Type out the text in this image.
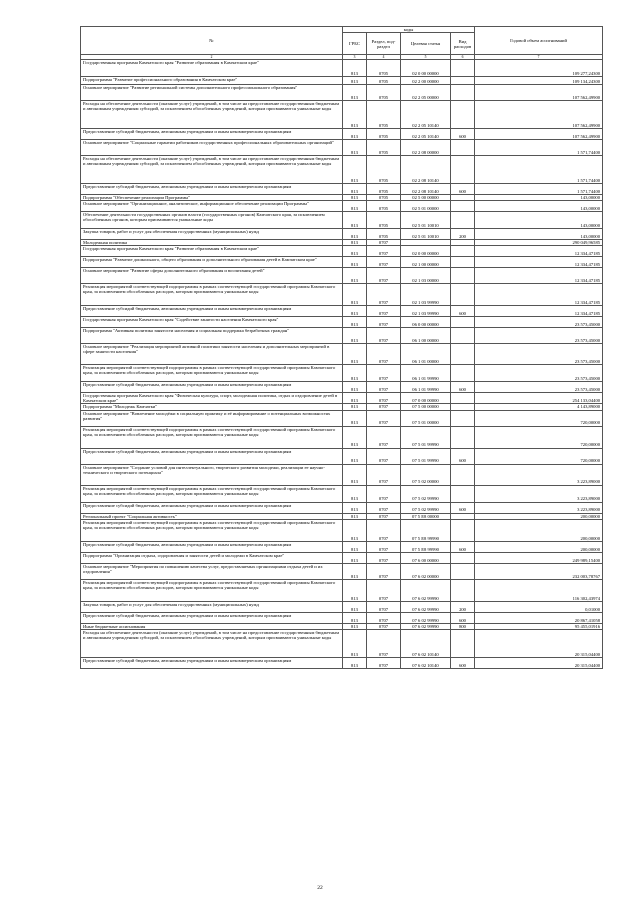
№	коды				Годовой объем ассигнований
	ГРБС	Раздел, под-раздел	Целевая статья	Вид расходов	
2	3	4	5	6	7
Государственная программа Камчатского края "Развитие образования в Камчатском крае"	813	0705	02 0 00 00000		109 277,24300
Подпрограмма "Развитие профессионального образования в Камчатском крае"	813	0705	02 2 00 00000		109 134,24300
Основное мероприятие "Развитие региональной системы дополнительного профессионального образования"	813	0705	02 2 05 00000		107 562,49900
Расходы на обеспечение деятельности (оказание услуг) учреждений, в том числе на предоставление государственным бюджетным и автономным учреждениям субсидий, за исключением обособленных учреждений, которым присваиваются уникальные коды	813	0705	02 2 05 10140		107 562,49900
Предоставление субсидий бюджетным, автономным учреждениям и иным некоммерческим организациям	813	0705	02 2 05 10140	600	107 562,49900
Основное мероприятие "Социальные гарантии работников государственных профессиональных образовательных организаций"	813	0705	02 2 08 00000		1 571,74400
Расходы на обеспечение деятельности (оказание услуг) учреждений, в том числе на предоставление государственным бюджетным и автономным учреждениям субсидий, за исключением обособленных учреждений, которым присваиваются уникальные коды	813	0705	02 2 08 10140		1 571,74400
Предоставление субсидий бюджетным, автономным учреждениям и иным некоммерческим организациям	813	0705	02 2 08 10140	600	1 571,74400
Подпрограмма "Обеспечение реализации Программы"	813	0705	02 5 00 00000		143,00000
Основное мероприятие "Организационное, аналитическое, информационное обеспечение реализации Программы"	813	0705	02 5 01 00000		143,00000
Обеспечение деятельности государственных органов власти (государственных органов) Камчатского края, за исключением обособленных органов, которым присваиваются уникальные коды	813	0705	02 5 01 10010		143,00000
Закупка товаров, работ и услуг для обеспечения государственных (муниципальных) нужд	813	0705	02 5 01 10010	200	143,00000
Молодежная политика	813	0707			290 049,96585
Государственная программа Камчатского края "Развитие образования в Камчатском крае"	813	0707	02 0 00 00000		12 334,47185
Подпрограмма "Развитие дошкольного, общего образования и дополнительного образования детей в Камчатском крае"	813	0707	02 1 00 00000		12 334,47185
Основное мероприятие "Развитие сферы дополнительного образования и воспитания детей"	813	0707	02 1 03 00000		12 334,47185
Реализация мероприятий соответствующей подпрограммы в рамках соответствующей государственной программы Камчатского края, за исключением обособленных расходов, которым присваиваются уникальные коды	813	0707	02 1 03 99990		12 334,47185
Предоставление субсидий бюджетным, автономным учреждениям и иным некоммерческим организациям	813	0707	02 1 03 99990	600	12 334,47185
Государственная программа Камчатского края "Содействие занятости населения Камчатского края"	813	0707	06 0 00 00000		23 573,45000
Подпрограмма "Активная политика занятости населения и социальная поддержка безработных граждан"	813	0707	06 1 00 00000		23 573,45000
Основное мероприятие "Реализация мероприятий активной политики занятости населения и дополнительных мероприятий в сфере занятости населения"	813	0707	06 1 01 00000		23 573,45000
Реализация мероприятий соответствующей подпрограммы в рамках соответствующей государственной программы Камчатского края, за исключением обособленных расходов, которым присваиваются уникальные коды	813	0707	06 1 01 99990		23 573,45000
Предоставление субсидий бюджетным, автономным учреждениям и иным некоммерческим организациям	813	0707	06 1 01 99990	600	23 573,45000
Государственная программа Камчатского края "Физическая культура, спорт, молодежная политика, отдых и оздоровление детей в Камчатском крае"	813	0707	07 0 00 00000		254 133,04400
Подпрограмма "Молодежь Камчатки"	813	0707	07 5 00 00000		4 143,89000
Основное мероприятие "Вовлечение молодёжи в социальную практику и её информирование о потенциальных возможностях развития"	813	0707	07 5 01 00000		720,00000
Реализация мероприятий соответствующей подпрограммы в рамках соответствующей государственной программы Камчатского края, за исключением обособленных расходов, которым присваиваются уникальные коды	813	0707	07 5 01 99990		720,00000
Предоставление субсидий бюджетным, автономным учреждениям и иным некоммерческим организациям	813	0707	07 5 01 99990	600	720,00000
Основное мероприятие "Создание условий для интеллектуального, творческого развития молодежи, реализации ее научно-технического и творческого потенциала"	813	0707	07 5 02 00000		3 223,89000
Реализация мероприятий соответствующей подпрограммы в рамках соответствующей государственной программы Камчатского края, за исключением обособленных расходов, которым присваиваются уникальные коды	813	0707	07 5 02 99990		3 223,89000
Предоставление субсидий бюджетным, автономным учреждениям и иным некоммерческим организациям	813	0707	07 5 02 99990	600	3 223,89000
Региональный проект "Социальная активность"	813	0707	07 5 E8 00000		200,00000
Реализация мероприятий соответствующей подпрограммы в рамках соответствующей государственной программы Камчатского края, за исключением обособленных расходов, которым присваиваются уникальные коды	813	0707	07 5 E8 99990		200,00000
Предоставление субсидий бюджетным, автономным учреждениям и иным некоммерческим организациям	813	0707	07 5 E8 99990	600	200,00000
Подпрограмма "Организация отдыха, оздоровления и занятости детей и молодежи в Камчатском крае"	813	0707	07 6 00 00000		249 989,15400
Основное мероприятие "Мероприятия по повышению качества услуг, предоставляемых организациями отдыха детей и их оздоровления"	813	0707	07 6 02 00000		232 003,78767
Реализация мероприятий соответствующей подпрограммы в рамках соответствующей государственной программы Камчатского края, за исключением обособленных расходов, которым присваиваются уникальные коды	813	0707	07 6 02 99990		116 302,43974
Закупка товаров, работ и услуг для обеспечения государственных (муниципальных) нужд	813	0707	07 6 02 99990	200	0,01000
Предоставление субсидий бюджетным, автономным учреждениям и иным некоммерческим организациям	813	0707	07 6 02 99990	600	20 867,41058
Иные бюджетные ассигнования	813	0707	07 6 02 99990	800	95 455,01916
Расходы на обеспечение деятельности (оказание услуг) учреждений, в том числе на предоставление государственным бюджетным и автономным учреждениям субсидий, за исключением обособленных учреждений, которым присваиваются уникальные коды	813	0707	07 6 02 10140		20 315,04400
Предоставление субсидий бюджетным, автономным учреждениям и иным некоммерческим организациям	813	0707	07 6 02 10140	600	20 315,04400
22
